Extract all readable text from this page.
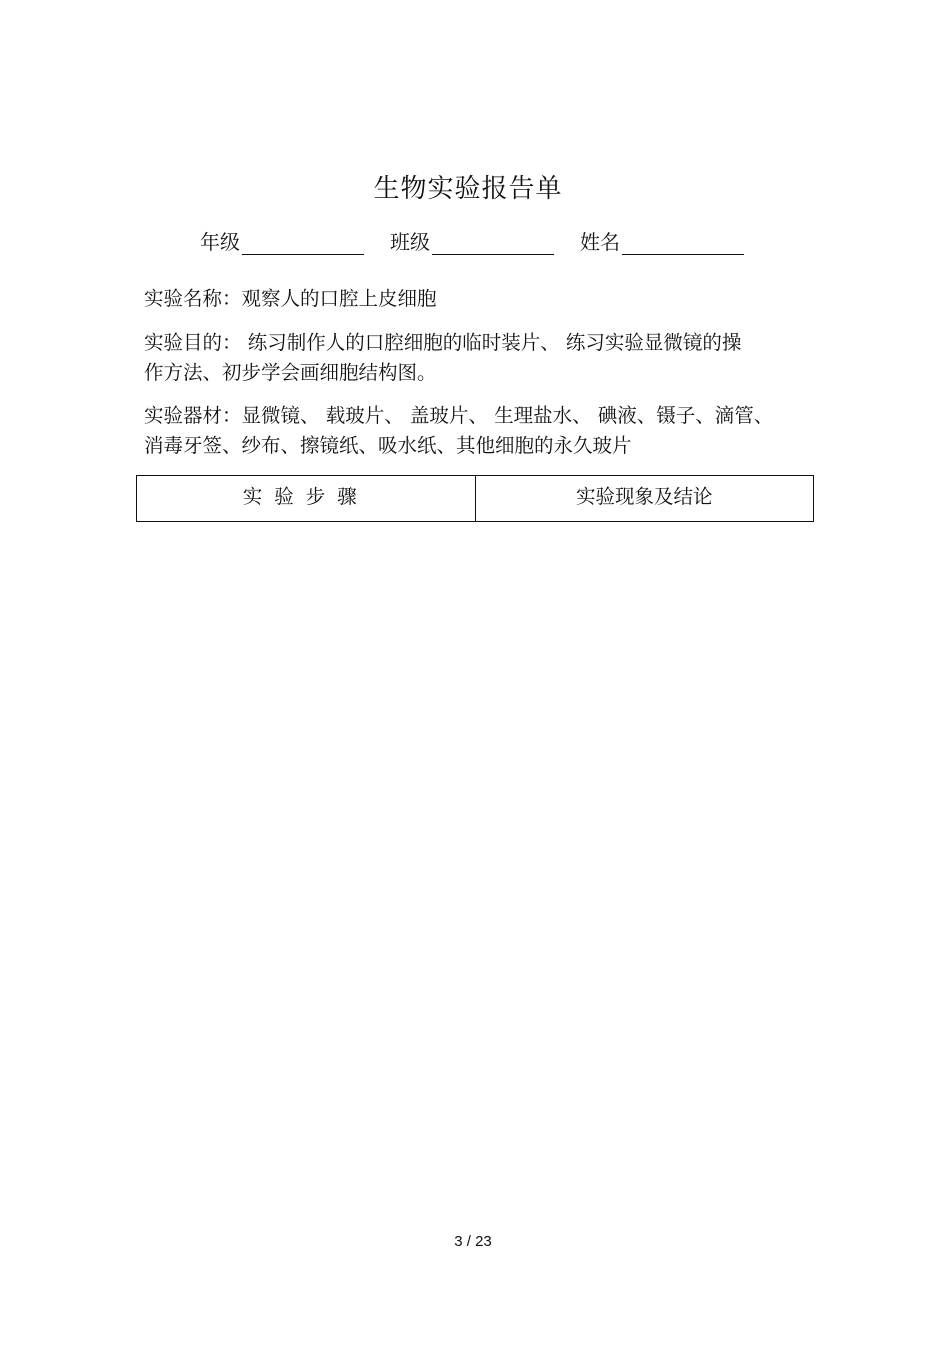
生物实验报告单
年级	班级	姓名
实验名称：观察人的口腔上皮细胞
实验目的： 练习制作人的口腔细胞的临时装片、 练习实验显微镜的操
作方法、初步学会画细胞结构图。
实验器材：显微镜、 载玻片、 盖玻片、 生理盐水、 碘液、镊子、滴管、
消毒牙签、纱布、擦镜纸、吸水纸、其他细胞的永久玻片
实验步骤	实验现象及结论
3 / 23
